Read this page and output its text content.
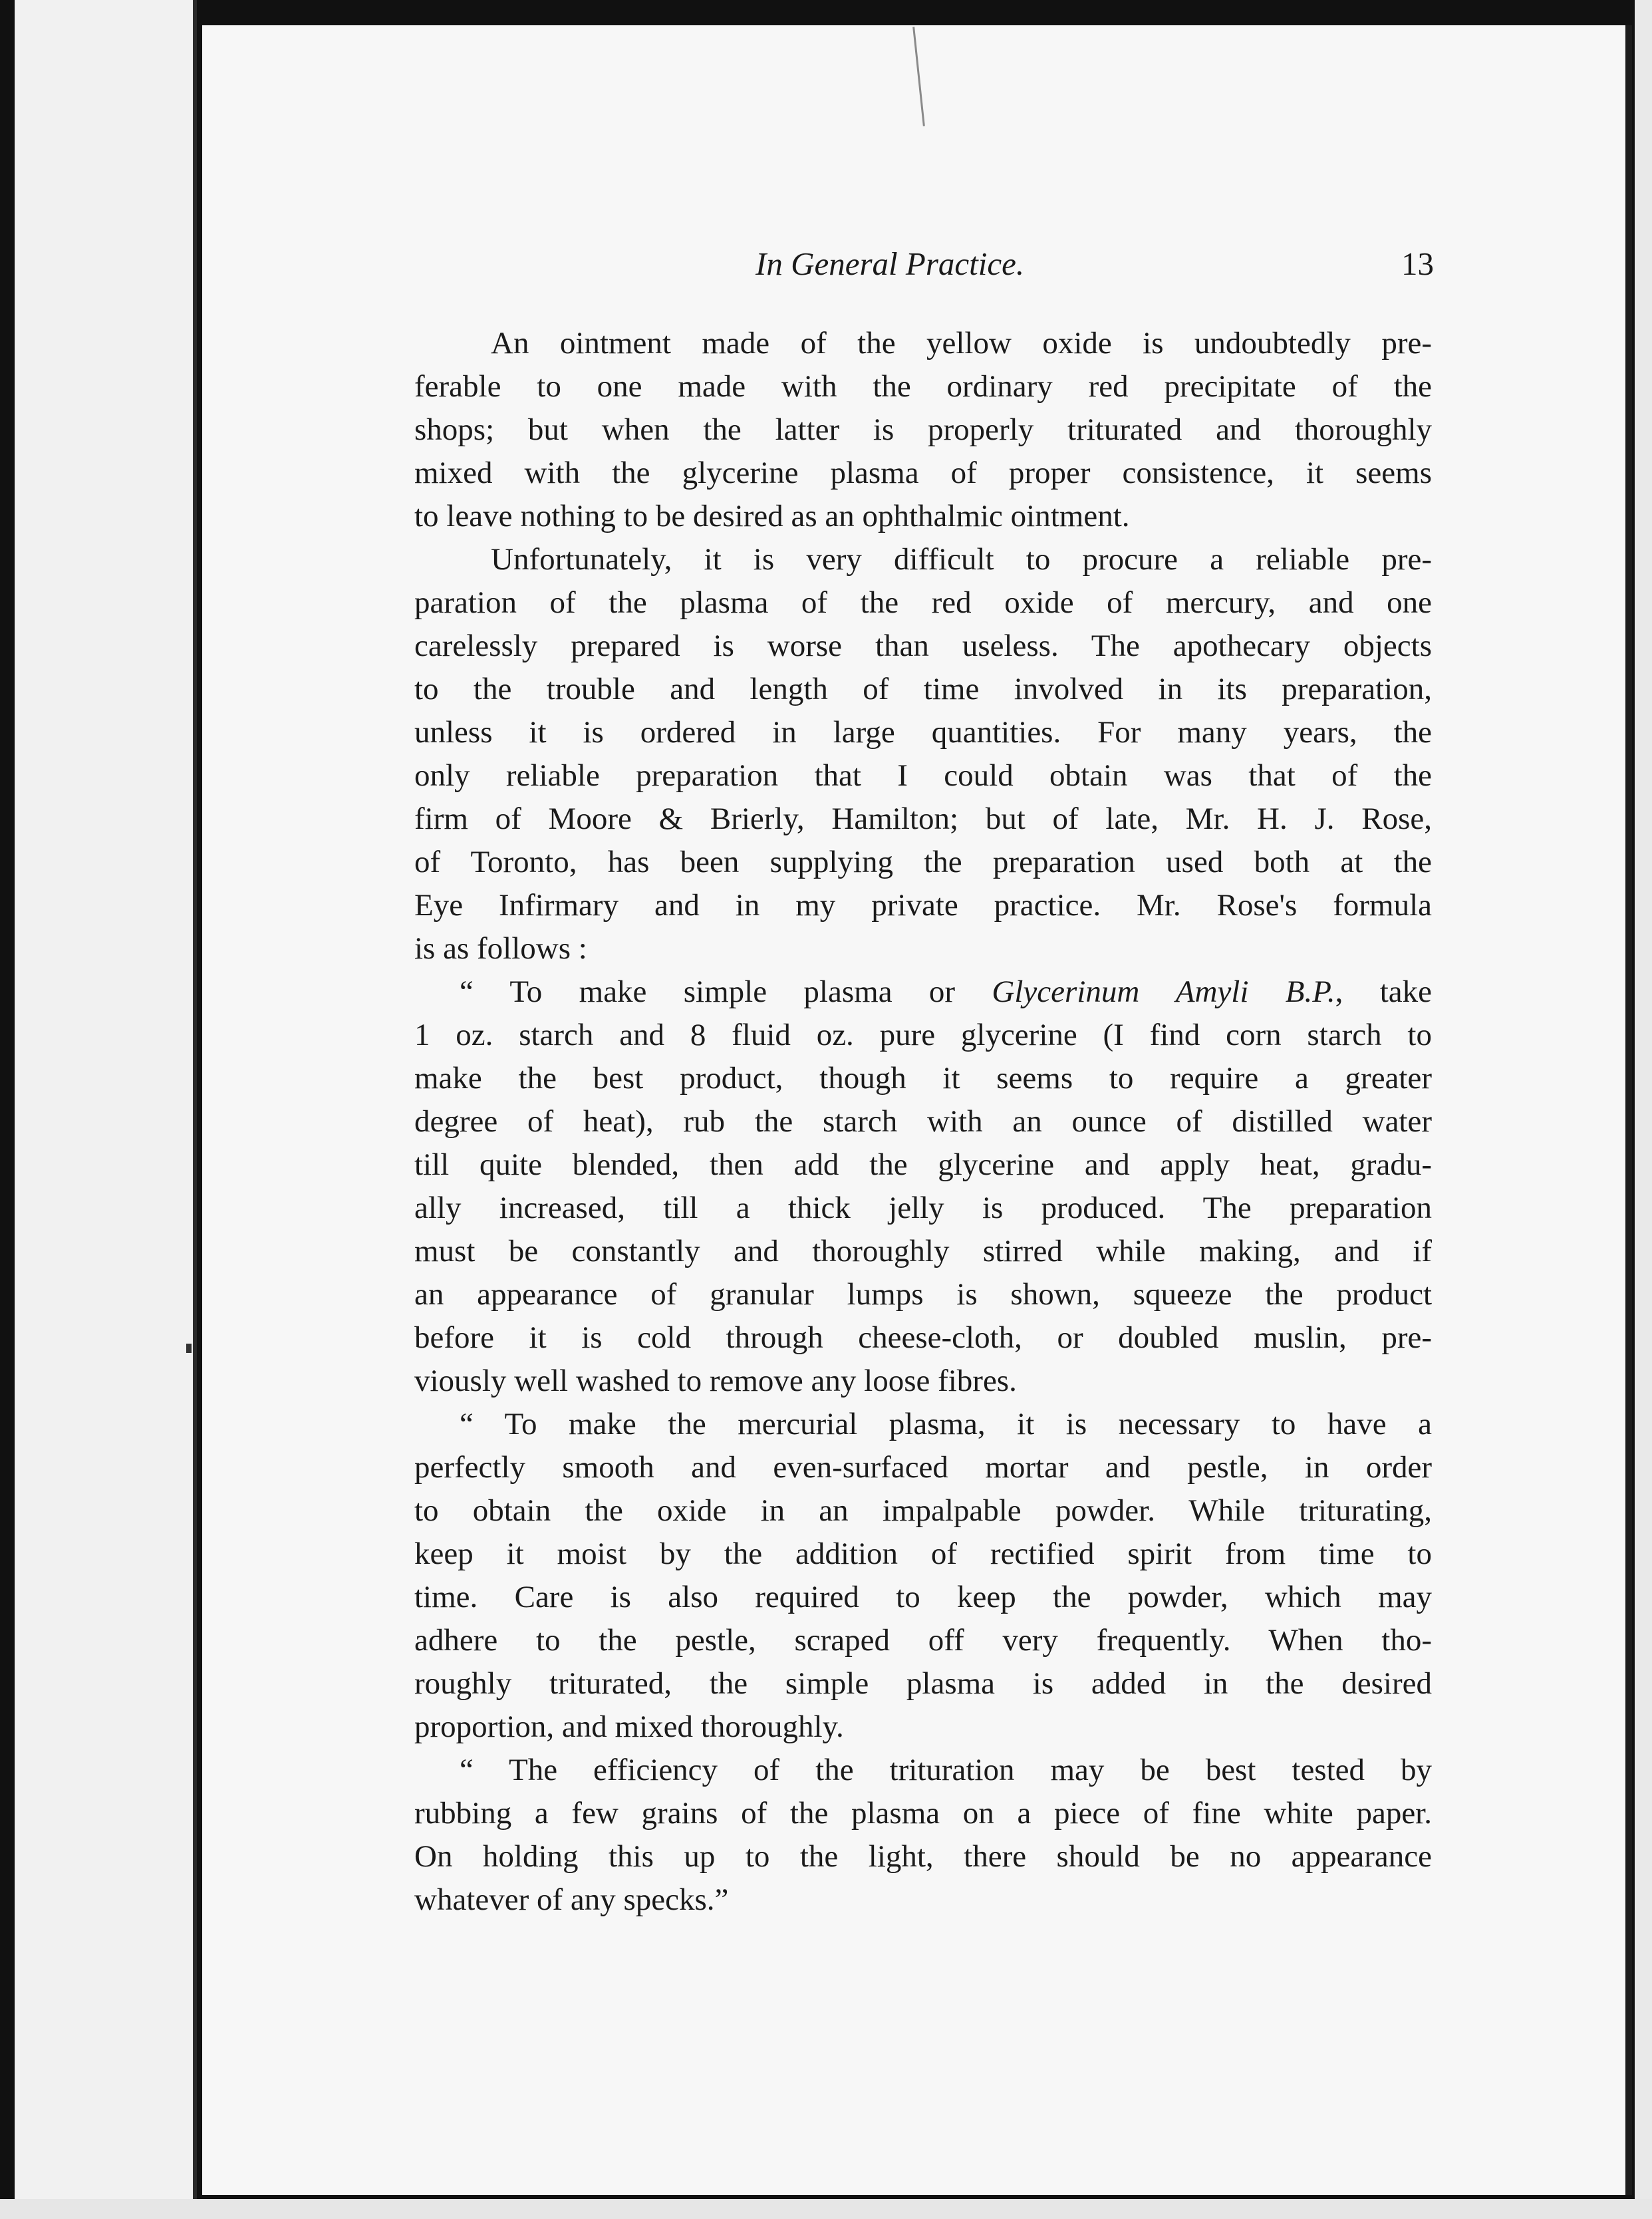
In General Practice.	13
An ointment made of the yellow oxide is undoubtedly pre-
ferable to one made with the ordinary red precipitate of the
shops; but when the latter is properly triturated and thoroughly
mixed with the glycerine plasma of proper consistence, it seems
to leave nothing to be desired as an ophthalmic ointment.
Unfortunately, it is very difficult to procure a reliable pre-
paration of the plasma of the red oxide of mercury, and one
carelessly prepared is worse than useless. The apothecary objects
to the trouble and length of time involved in its preparation,
unless it is ordered in large quantities. For many years, the
only reliable preparation that I could obtain was that of the
firm of Moore & Brierly, Hamilton; but of late, Mr. H. J. Rose,
of Toronto, has been supplying the preparation used both at the
Eye Infirmary and in my private practice. Mr. Rose's formula
is as follows :
“ To make simple plasma or Glycerinum Amyli B.P., take
1 oz. starch and 8 fluid oz. pure glycerine (I find corn starch to
make the best product, though it seems to require a greater
degree of heat), rub the starch with an ounce of distilled water
till quite blended, then add the glycerine and apply heat, gradu-
ally increased, till a thick jelly is produced. The preparation
must be constantly and thoroughly stirred while making, and if
an appearance of granular lumps is shown, squeeze the product
before it is cold through cheese-cloth, or doubled muslin, pre-
viously well washed to remove any loose fibres.
“ To make the mercurial plasma, it is necessary to have a
perfectly smooth and even-surfaced mortar and pestle, in order
to obtain the oxide in an impalpable powder. While triturating,
keep it moist by the addition of rectified spirit from time to
time. Care is also required to keep the powder, which may
adhere to the pestle, scraped off very frequently. When tho-
roughly triturated, the simple plasma is added in the desired
proportion, and mixed thoroughly.
“ The efficiency of the trituration may be best tested by
rubbing a few grains of the plasma on a piece of fine white paper.
On holding this up to the light, there should be no appearance
whatever of any specks.”
